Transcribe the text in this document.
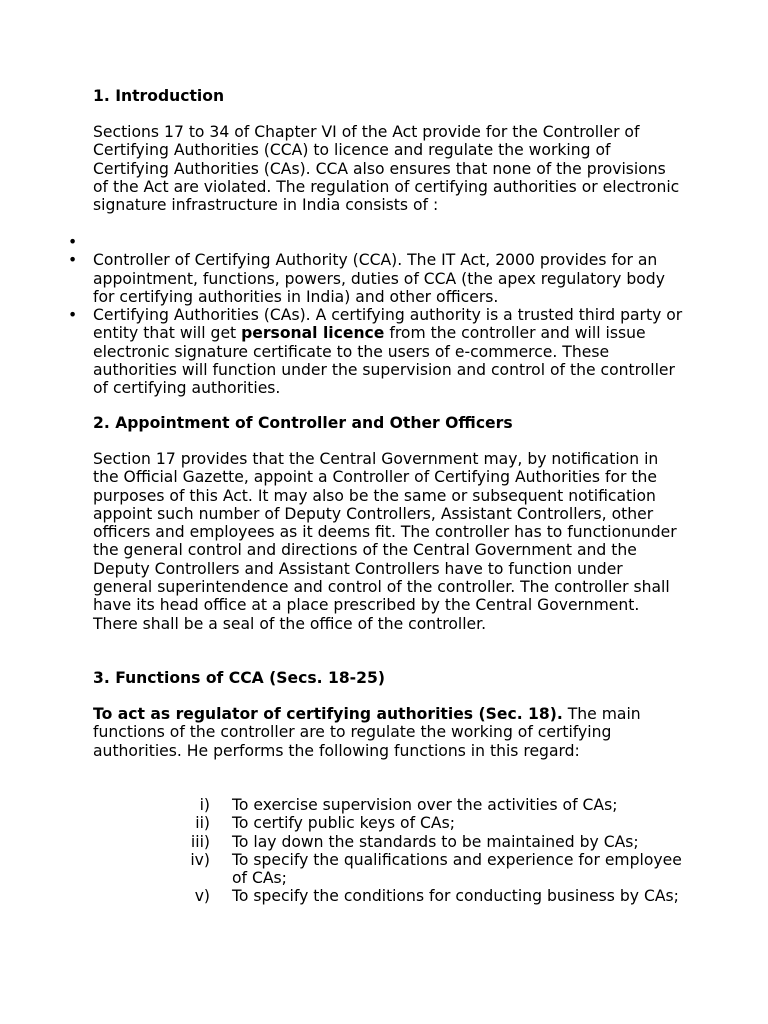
1. Introduction

Sections 17 to 34 of Chapter VI of the Act provide for the Controller of Certifying Authorities (CCA) to licence and regulate the working of Certifying Authorities (CAs). CCA also ensures that none of the provisions of the Act are violated. The regulation of certifying authorities or electronic signature infrastructure in India consists of :

•
• Controller of Certifying Authority (CCA). The IT Act, 2000 provides for an appointment, functions, powers, duties of CCA (the apex regulatory body for certifying authorities in India) and other officers.
• Certifying Authorities (CAs). A certifying authority is a trusted third party or entity that will get personal licence from the controller and will issue electronic signature certificate to the users of e-commerce. These authorities will function under the supervision and control of the controller of certifying authorities.

2. Appointment of Controller and Other Officers

Section 17 provides that the Central Government may, by notification in the Official Gazette, appoint a Controller of Certifying Authorities for the purposes of this Act. It may also be the same or subsequent notification appoint such number of Deputy Controllers, Assistant Controllers, other officers and employees as it deems fit. The controller has to functionunder the general control and directions of the Central Government and the Deputy Controllers and Assistant Controllers have to function under general superintendence and control of the controller. The controller shall have its head office at a place prescribed by the Central Government. There shall be a seal of the office of the controller.

3. Functions of CCA (Secs. 18-25)

To act as regulator of certifying authorities (Sec. 18). The main functions of the controller are to regulate the working of certifying authorities. He performs the following functions in this regard:

i) To exercise supervision over the activities of CAs;
ii) To certify public keys of CAs;
iii) To lay down the standards to be maintained by CAs;
iv) To specify the qualifications and experience for employee of CAs;
v) To specify the conditions for conducting business by CAs;
